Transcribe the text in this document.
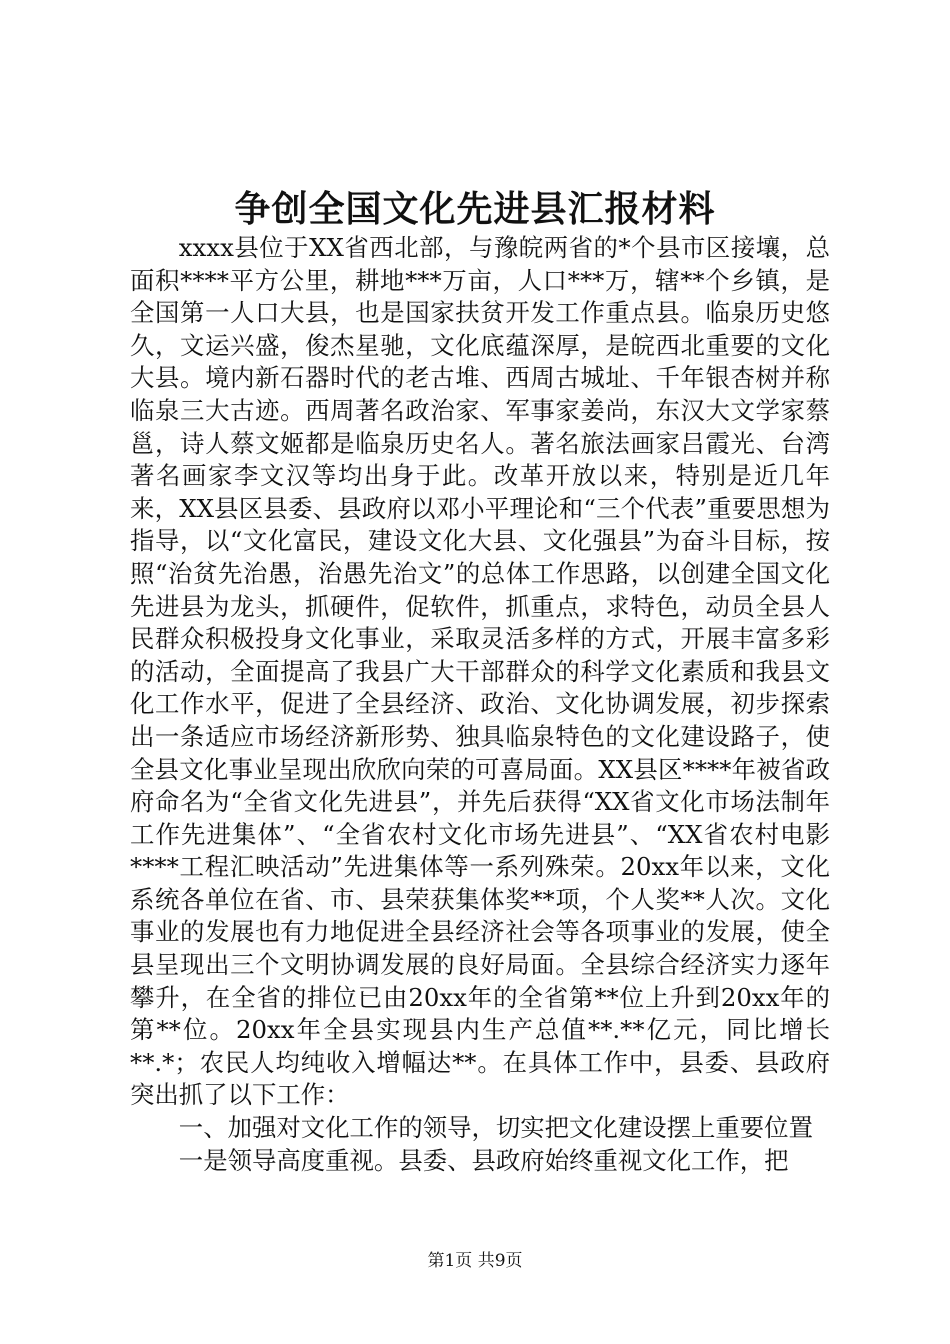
争创全国文化先进县汇报材料

xxxx县位于XX省西北部，与豫皖两省的*个县市区接壤，总面积****平方公里，耕地***万亩，人口***万，辖**个乡镇，是全国第一人口大县，也是国家扶贫开发工作重点县。临泉历史悠久，文运兴盛，俊杰星驰，文化底蕴深厚，是皖西北重要的文化大县。境内新石器时代的老古堆、西周古城址、千年银杏树并称临泉三大古迹。西周著名政治家、军事家姜尚，东汉大文学家蔡邕，诗人蔡文姬都是临泉历史名人。著名旅法画家吕霞光、台湾著名画家李文汉等均出身于此。改革开放以来，特别是近几年来，XX县区县委、县政府以邓小平理论和“三个代表”重要思想为指导，以“文化富民，建设文化大县、文化强县”为奋斗目标，按照“治贫先治愚，治愚先治文”的总体工作思路，以创建全国文化先进县为龙头，抓硬件，促软件，抓重点，求特色，动员全县人民群众积极投身文化事业，采取灵活多样的方式，开展丰富多彩的活动，全面提高了我县广大干部群众的科学文化素质和我县文化工作水平，促进了全县经济、政治、文化协调发展，初步探索出一条适应市场经济新形势、独具临泉特色的文化建设路子，使全县文化事业呈现出欣欣向荣的可喜局面。XX县区****年被省政府命名为“全省文化先进县”，并先后获得“XX省文化市场法制年工作先进集体”、“全省农村文化市场先进县”、“XX省农村电影****工程汇映活动”先进集体等一系列殊荣。20xx年以来，文化系统各单位在省、市、县荣获集体奖**项，个人奖**人次。文化事业的发展也有力地促进全县经济社会等各项事业的发展，使全县呈现出三个文明协调发展的良好局面。全县综合经济实力逐年攀升，在全省的排位已由20xx年的全省第**位上升到20xx年的第**位。20xx年全县实现县内生产总值**.**亿元，同比增长**.*；农民人均纯收入增幅达**。在具体工作中，县委、县政府突出抓了以下工作：

一、加强对文化工作的领导，切实把文化建设摆上重要位置

一是领导高度重视。县委、县政府始终重视文化工作，把

第1页 共9页
